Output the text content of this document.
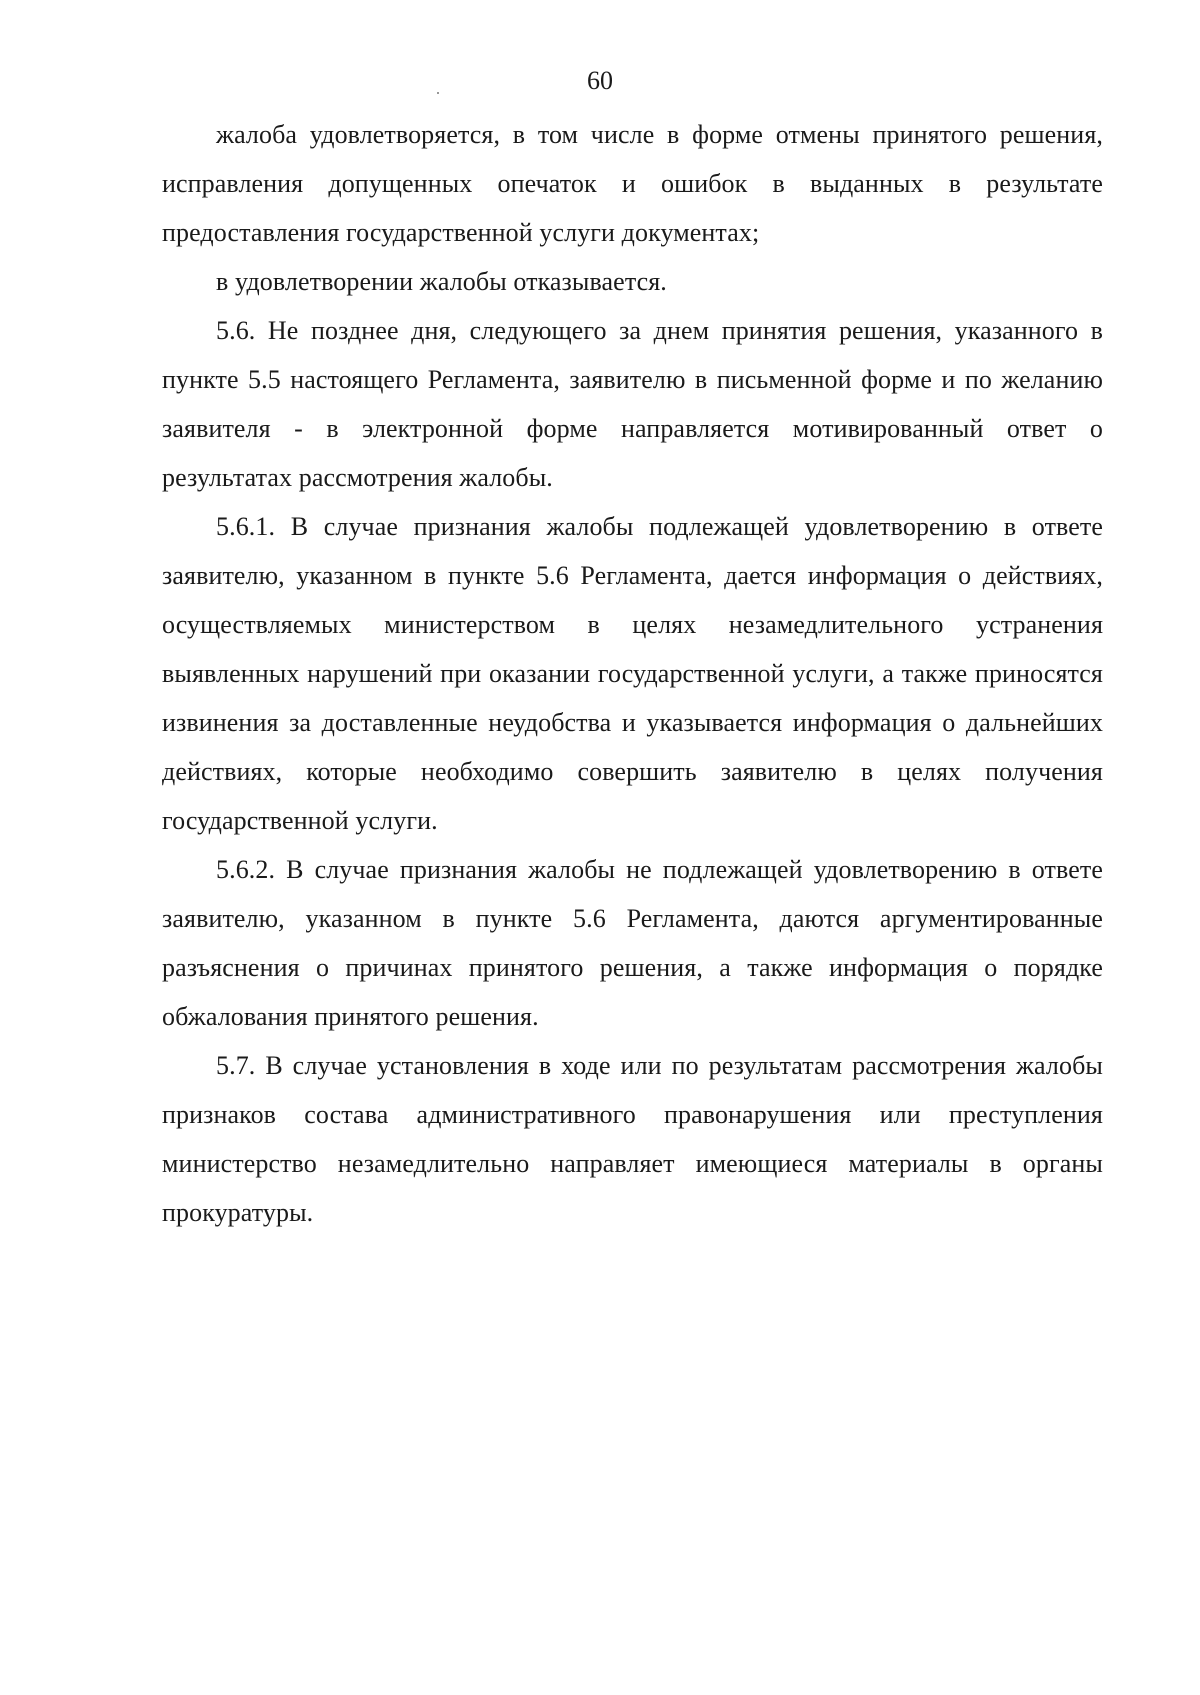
60

жалоба удовлетворяется, в том числе в форме отмены принятого решения, исправления допущенных опечаток и ошибок в выданных в результате предоставления государственной услуги документах;

в удовлетворении жалобы отказывается.

5.6. Не позднее дня, следующего за днем принятия решения, указанного в пункте 5.5 настоящего Регламента, заявителю в письменной форме и по желанию заявителя - в электронной форме направляется мотивированный ответ о результатах рассмотрения жалобы.

5.6.1. В случае признания жалобы подлежащей удовлетворению в ответе заявителю, указанном в пункте 5.6 Регламента, дается информация о действиях, осуществляемых министерством в целях незамедлительного устранения выявленных нарушений при оказании государственной услуги, а также приносятся извинения за доставленные неудобства и указывается информация о дальнейших действиях, которые необходимо совершить заявителю в целях получения государственной услуги.

5.6.2. В случае признания жалобы не подлежащей удовлетворению в ответе заявителю, указанном в пункте 5.6 Регламента, даются аргументированные разъяснения о причинах принятого решения, а также информация о порядке обжалования принятого решения.

5.7. В случае установления в ходе или по результатам рассмотрения жалобы признаков состава административного правонарушения или преступления министерство незамедлительно направляет имеющиеся материалы в органы прокуратуры.
